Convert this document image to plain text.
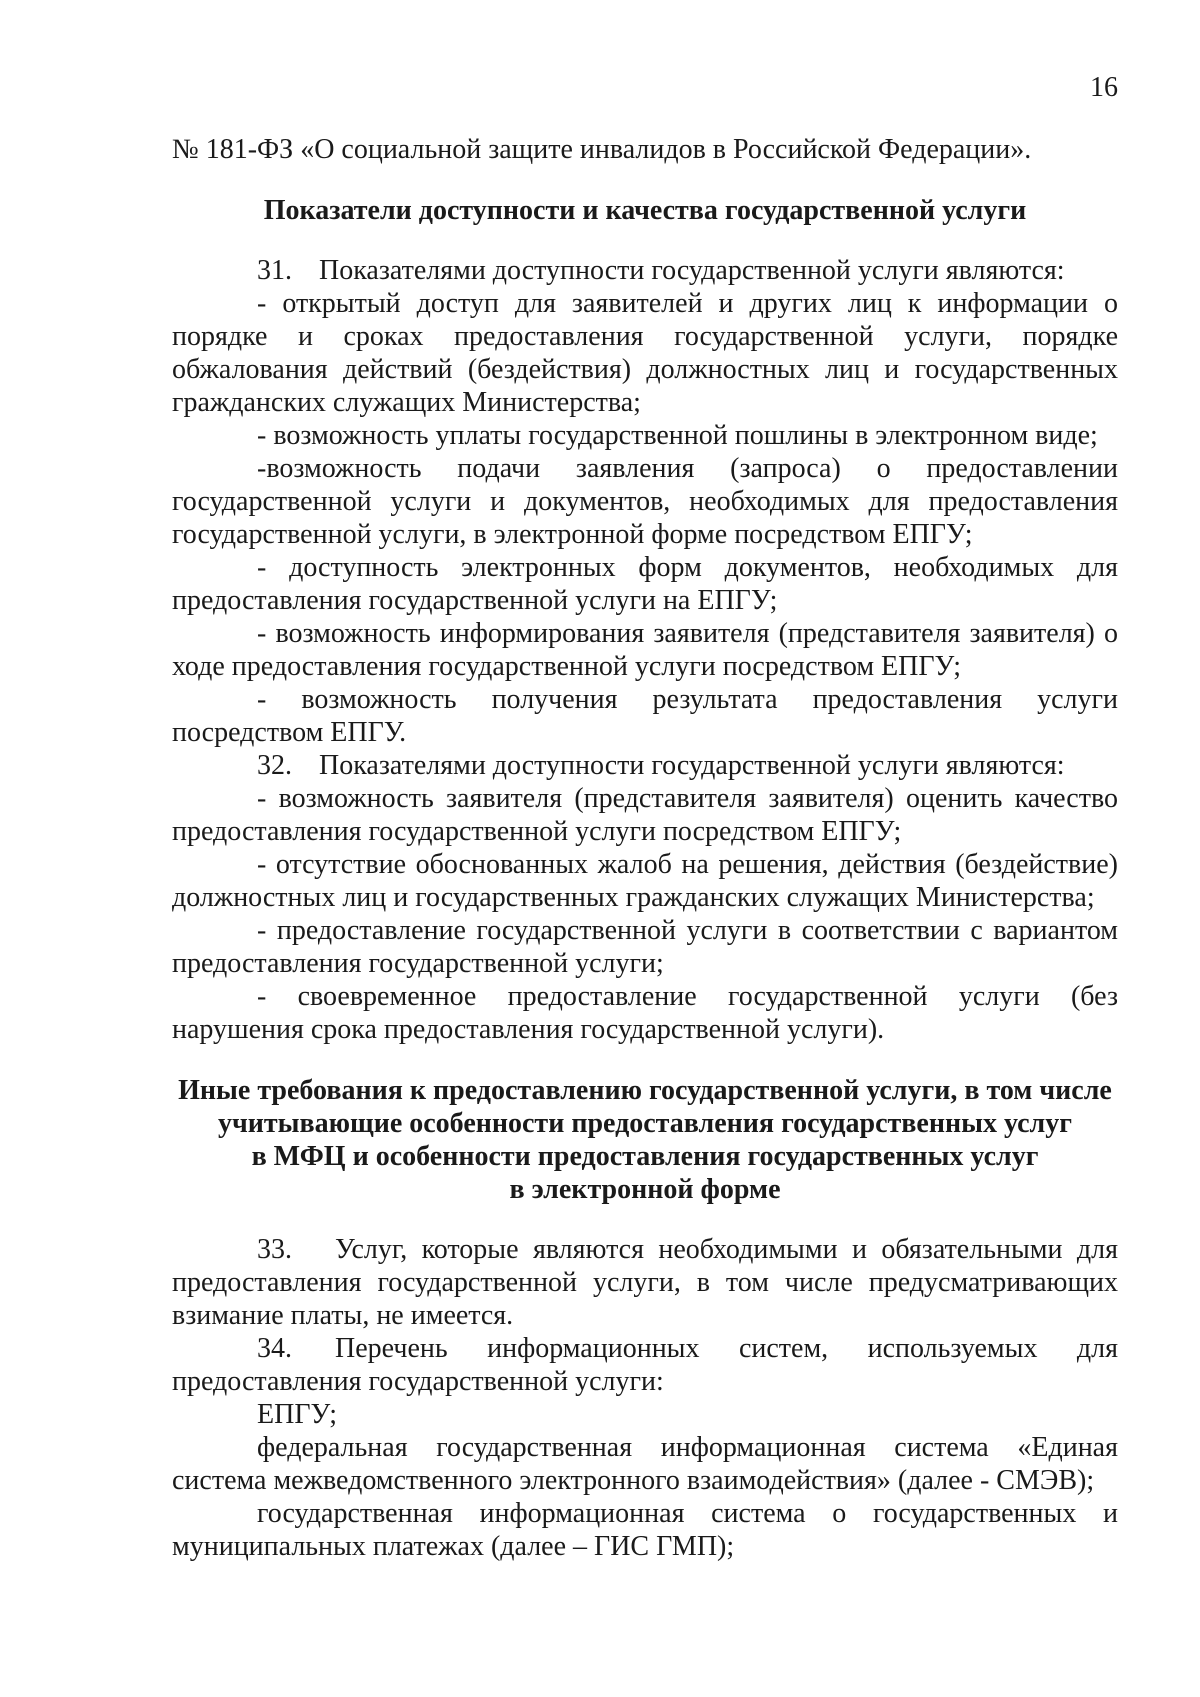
16

№ 181-ФЗ «О социальной защите инвалидов в Российской Федерации».

Показатели доступности и качества государственной услуги

31. Показателями доступности государственной услуги являются:

- открытый доступ для заявителей и других лиц к информации о порядке и сроках предоставления государственной услуги, порядке обжалования действий (бездействия) должностных лиц и государственных гражданских служащих Министерства;

- возможность уплаты государственной пошлины в электронном виде;

-возможность подачи заявления (запроса) о предоставлении государственной услуги и документов, необходимых для предоставления государственной услуги, в электронной форме посредством ЕПГУ;

- доступность электронных форм документов, необходимых для предоставления государственной услуги на ЕПГУ;

- возможность информирования заявителя (представителя заявителя) о ходе предоставления государственной услуги посредством ЕПГУ;

- возможность получения результата предоставления услуги посредством ЕПГУ.

32. Показателями доступности государственной услуги являются:

- возможность заявителя (представителя заявителя) оценить качество предоставления государственной услуги посредством ЕПГУ;

- отсутствие обоснованных жалоб на решения, действия (бездействие) должностных лиц и государственных гражданских служащих Министерства;

- предоставление государственной услуги в соответствии с вариантом предоставления государственной услуги;

- своевременное предоставление государственной услуги (без нарушения срока предоставления государственной услуги).

Иные требования к предоставлению государственной услуги, в том числе
учитывающие особенности предоставления государственных услуг
в МФЦ и особенности предоставления государственных услуг
в электронной форме

33. Услуг, которые являются необходимыми и обязательными для предоставления государственной услуги, в том числе предусматривающих взимание платы, не имеется.

34. Перечень информационных систем, используемых для предоставления государственной услуги:

ЕПГУ;

федеральная государственная информационная система «Единая система межведомственного электронного взаимодействия» (далее - СМЭВ);

государственная информационная система о государственных и муниципальных платежах (далее – ГИС ГМП);
